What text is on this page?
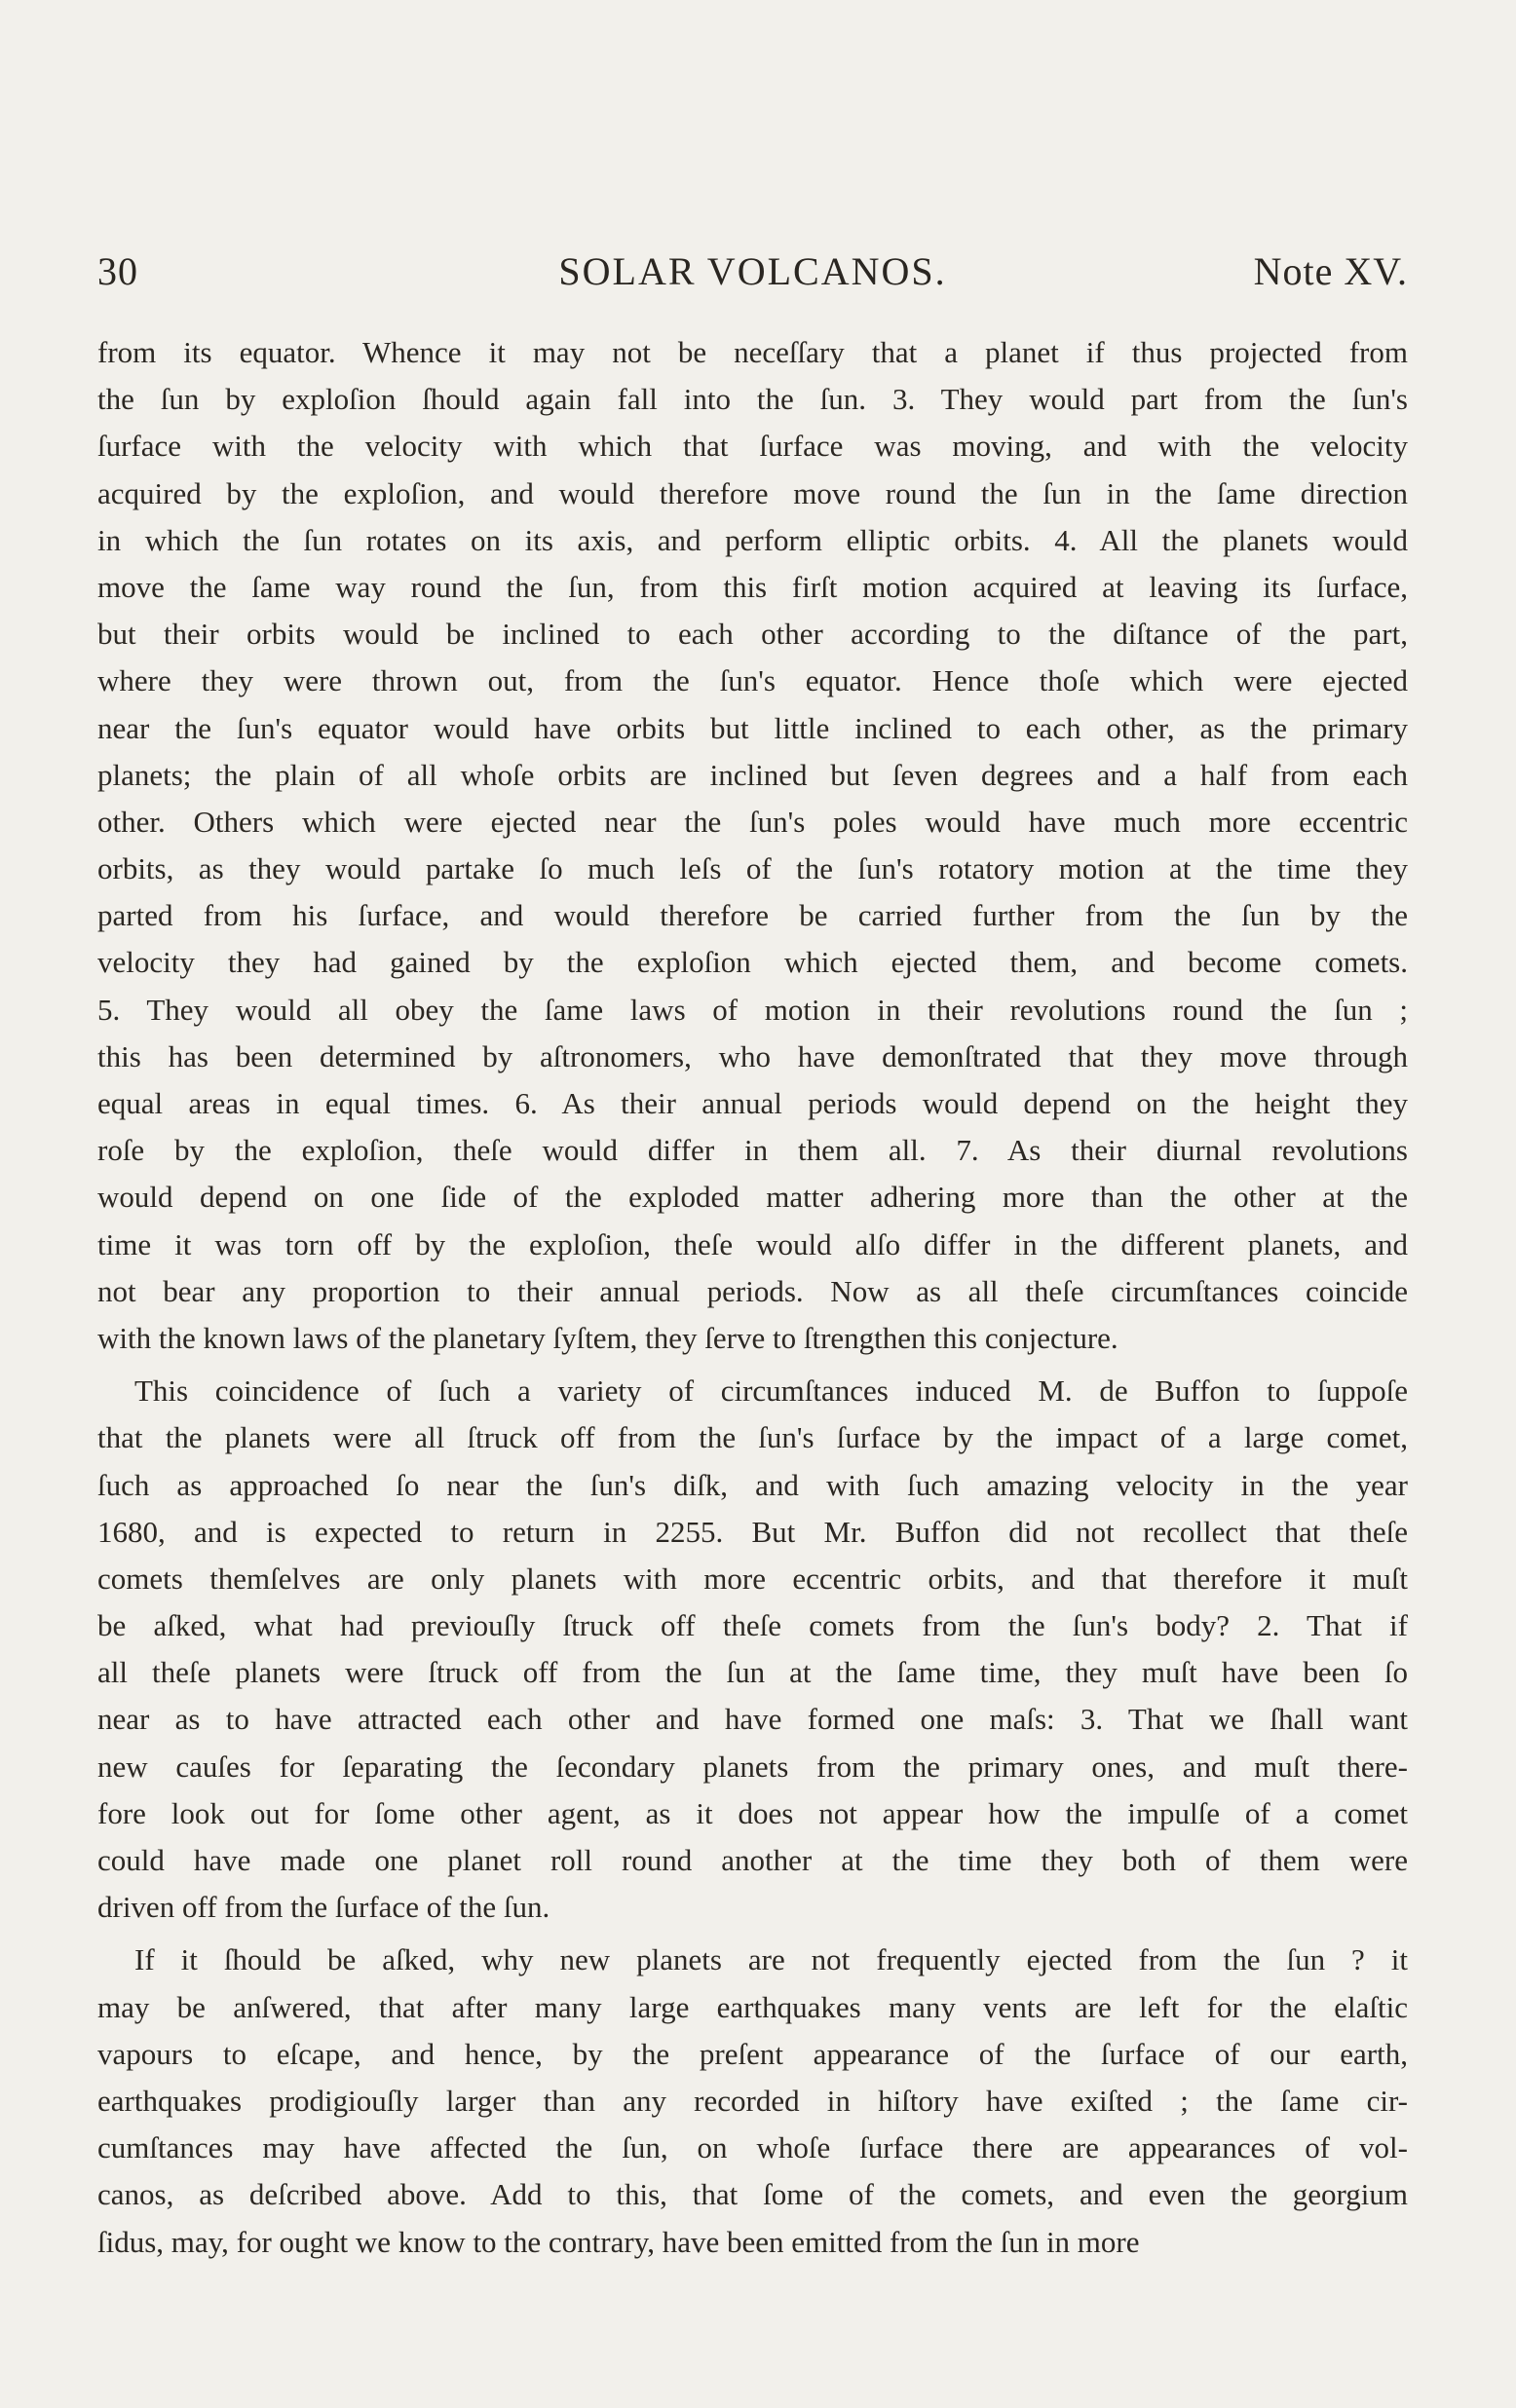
30	SOLAR VOLCANOS.	Note XV.
from its equator. Whence it may not be neceſſary that a planet if thus projected from
the ſun by exploſion ſhould again fall into the ſun. 3. They would part from the ſun's
ſurface with the velocity with which that ſurface was moving, and with the velocity
acquired by the exploſion, and would therefore move round the ſun in the ſame direction
in which the ſun rotates on its axis, and perform elliptic orbits. 4. All the planets would
move the ſame way round the ſun, from this firſt motion acquired at leaving its ſurface,
but their orbits would be inclined to each other according to the diſtance of the part,
where they were thrown out, from the ſun's equator. Hence thoſe which were ejected
near the ſun's equator would have orbits but little inclined to each other, as the primary
planets; the plain of all whoſe orbits are inclined but ſeven degrees and a half from each
other. Others which were ejected near the ſun's poles would have much more eccentric
orbits, as they would partake ſo much leſs of the ſun's rotatory motion at the time they
parted from his ſurface, and would therefore be carried further from the ſun by the
velocity they had gained by the exploſion which ejected them, and become comets.
5. They would all obey the ſame laws of motion in their revolutions round the ſun ;
this has been determined by aſtronomers, who have demonſtrated that they move through
equal areas in equal times. 6. As their annual periods would depend on the height they
roſe by the exploſion, theſe would differ in them all. 7. As their diurnal revolutions
would depend on one ſide of the exploded matter adhering more than the other at the
time it was torn off by the exploſion, theſe would alſo differ in the different planets, and
not bear any proportion to their annual periods. Now as all theſe circumſtances coincide
with the known laws of the planetary ſyſtem, they ſerve to ſtrengthen this conjecture.
This coincidence of ſuch a variety of circumſtances induced M. de Buffon to ſuppoſe
that the planets were all ſtruck off from the ſun's ſurface by the impact of a large comet,
ſuch as approached ſo near the ſun's diſk, and with ſuch amazing velocity in the year
1680, and is expected to return in 2255. But Mr. Buffon did not recollect that theſe
comets themſelves are only planets with more eccentric orbits, and that therefore it muſt
be aſked, what had previouſly ſtruck off theſe comets from the ſun's body? 2. That if
all theſe planets were ſtruck off from the ſun at the ſame time, they muſt have been ſo
near as to have attracted each other and have formed one maſs: 3. That we ſhall want
new cauſes for ſeparating the ſecondary planets from the primary ones, and muſt there-
fore look out for ſome other agent, as it does not appear how the impulſe of a comet
could have made one planet roll round another at the time they both of them were
driven off from the ſurface of the ſun.
If it ſhould be aſked, why new planets are not frequently ejected from the ſun ? it
may be anſwered, that after many large earthquakes many vents are left for the elaſtic
vapours to eſcape, and hence, by the preſent appearance of the ſurface of our earth,
earthquakes prodigiouſly larger than any recorded in hiſtory have exiſted ; the ſame cir-
cumſtances may have affected the ſun, on whoſe ſurface there are appearances of vol-
canos, as deſcribed above. Add to this, that ſome of the comets, and even the georgium
ſidus, may, for ought we know to the contrary, have been emitted from the ſun in more
